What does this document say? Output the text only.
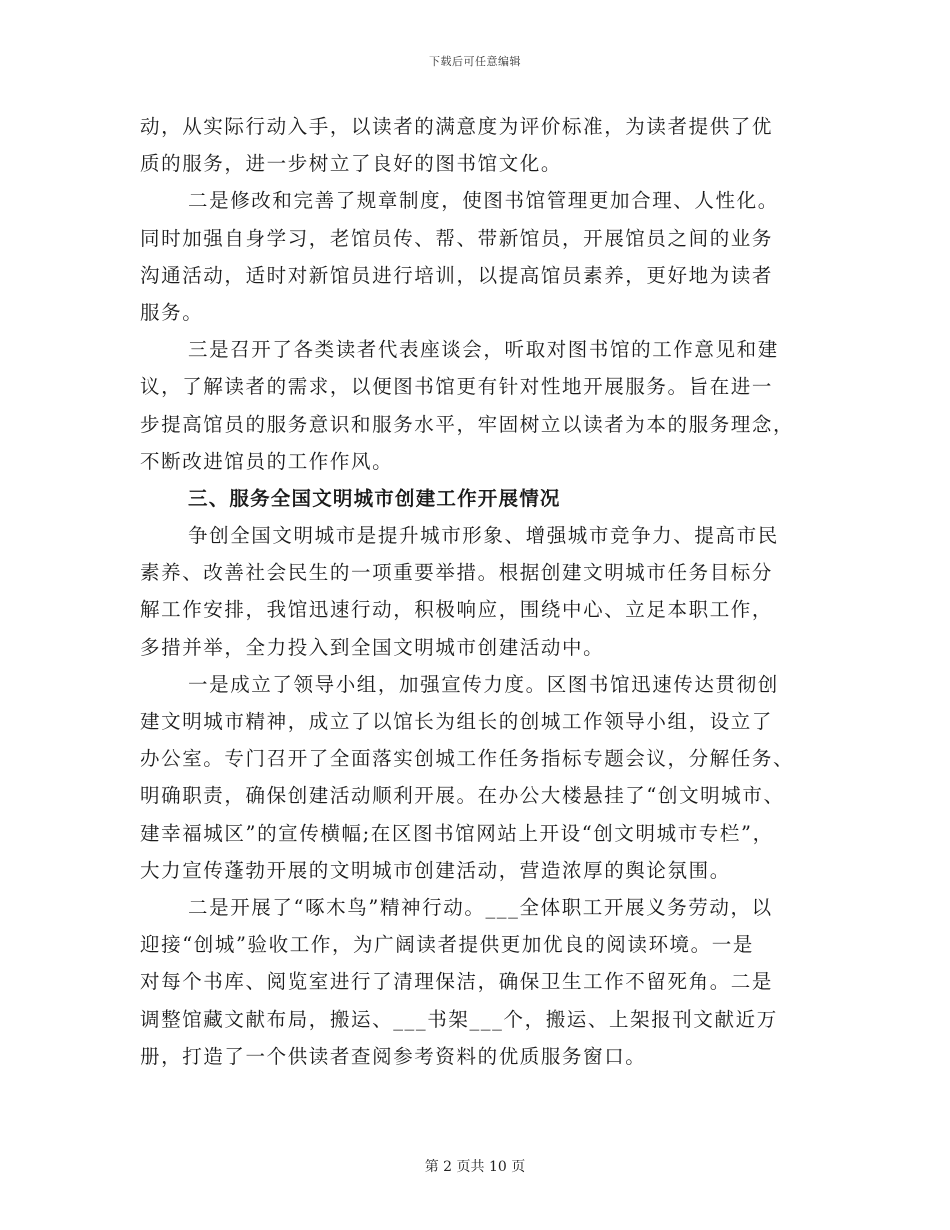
下载后可任意编辑
动，从实际行动入手，以读者的满意度为评价标准，为读者提供了优
质的服务，进一步树立了良好的图书馆文化。
二是修改和完善了规章制度，使图书馆管理更加合理、人性化。
同时加强自身学习，老馆员传、帮、带新馆员，开展馆员之间的业务
沟通活动，适时对新馆员进行培训，以提高馆员素养，更好地为读者
服务。
三是召开了各类读者代表座谈会，听取对图书馆的工作意见和建
议，了解读者的需求，以便图书馆更有针对性地开展服务。旨在进一
步提高馆员的服务意识和服务水平，牢固树立以读者为本的服务理念，
不断改进馆员的工作作风。
三、服务全国文明城市创建工作开展情况
争创全国文明城市是提升城市形象、增强城市竞争力、提高市民
素养、改善社会民生的一项重要举措。根据创建文明城市任务目标分
解工作安排，我馆迅速行动，积极响应，围绕中心、立足本职工作，
多措并举，全力投入到全国文明城市创建活动中。
一是成立了领导小组，加强宣传力度。区图书馆迅速传达贯彻创
建文明城市精神，成立了以馆长为组长的创城工作领导小组，设立了
办公室。专门召开了全面落实创城工作任务指标专题会议，分解任务、
明确职责，确保创建活动顺利开展。在办公大楼悬挂了“创文明城市、
建幸福城区”的宣传横幅;在区图书馆网站上开设“创文明城市专栏”，
大力宣传蓬勃开展的文明城市创建活动，营造浓厚的舆论氛围。
二是开展了“啄木鸟”精神行动。___全体职工开展义务劳动，以
迎接“创城”验收工作，为广阔读者提供更加优良的阅读环境。一是
对每个书库、阅览室进行了清理保洁，确保卫生工作不留死角。二是
调整馆藏文献布局，搬运、___书架___个，搬运、上架报刊文献近万
册，打造了一个供读者查阅参考资料的优质服务窗口。
第 2 页共 10 页
